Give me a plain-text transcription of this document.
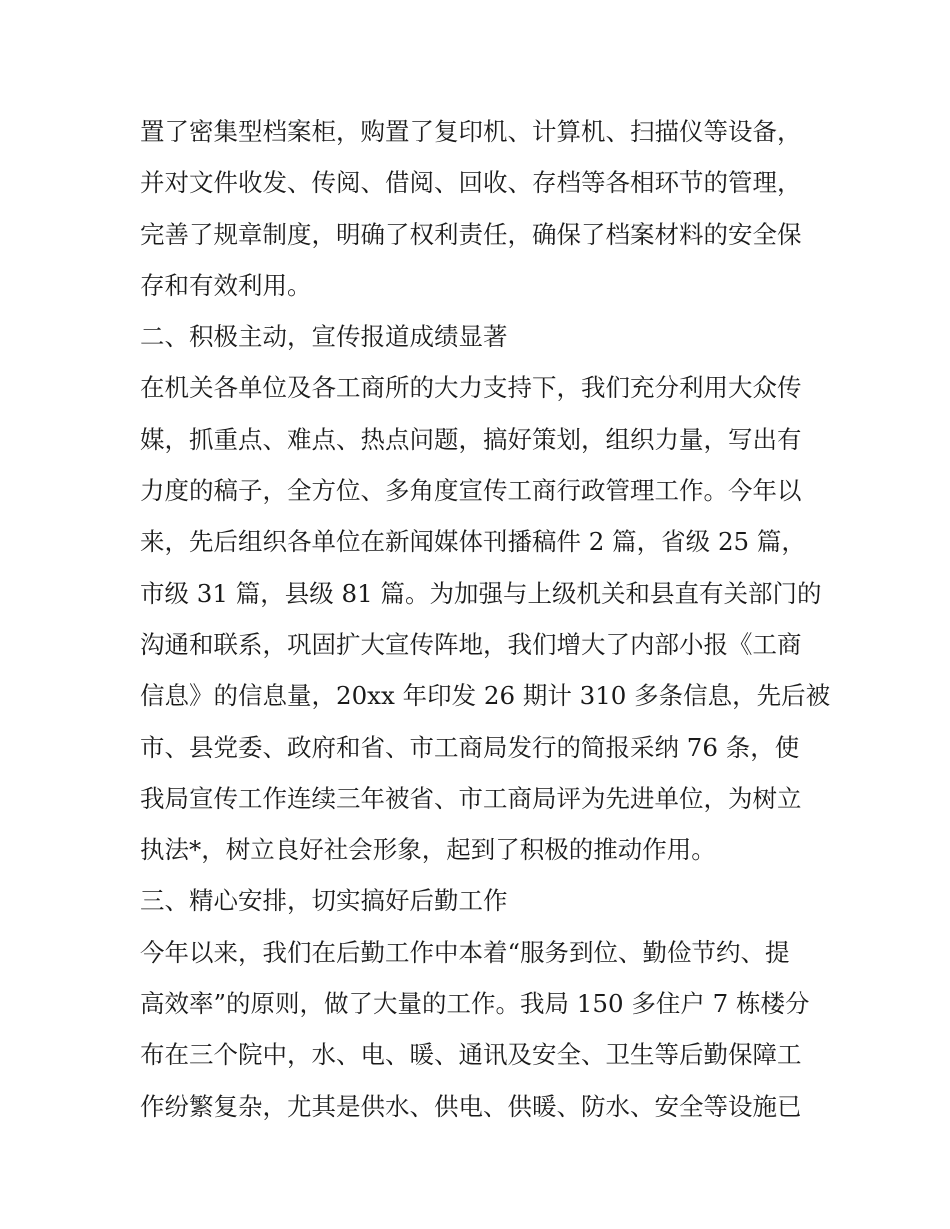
置了密集型档案柜，购置了复印机、计算机、扫描仪等设备，
并对文件收发、传阅、借阅、回收、存档等各相环节的管理，
完善了规章制度，明确了权利责任，确保了档案材料的安全保
存和有效利用。
二、积极主动，宣传报道成绩显著
在机关各单位及各工商所的大力支持下，我们充分利用大众传
媒，抓重点、难点、热点问题，搞好策划，组织力量，写出有
力度的稿子，全方位、多角度宣传工商行政管理工作。今年以
来，先后组织各单位在新闻媒体刊播稿件 2 篇，省级 25 篇，
市级 31 篇，县级 81 篇。为加强与上级机关和县直有关部门的
沟通和联系，巩固扩大宣传阵地，我们增大了内部小报《工商
信息》的信息量，20xx 年印发 26 期计 310 多条信息，先后被
市、县党委、政府和省、市工商局发行的简报采纳 76 条，使
我局宣传工作连续三年被省、市工商局评为先进单位，为树立
执法*，树立良好社会形象，起到了积极的推动作用。
三、精心安排，切实搞好后勤工作
今年以来，我们在后勤工作中本着“服务到位、勤俭节约、提
高效率”的原则，做了大量的工作。我局 150 多住户 7 栋楼分
布在三个院中，水、电、暖、通讯及安全、卫生等后勤保障工
作纷繁复杂，尤其是供水、供电、供暖、防水、安全等设施已
